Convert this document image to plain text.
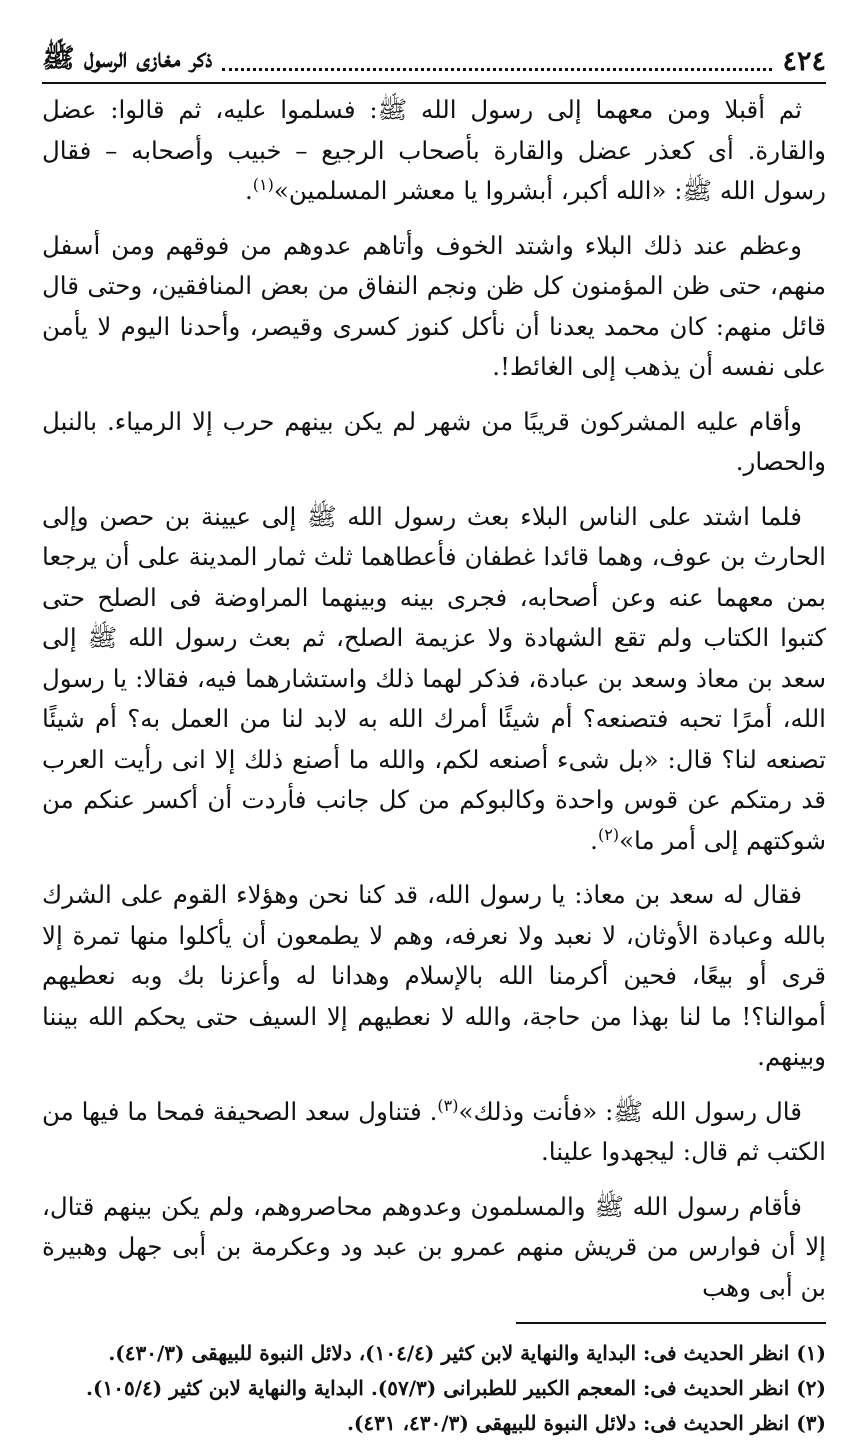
٤٢٤
ذكر مغازى الرسول ﷺ

ثم أقبلا ومن معهما إلى رسول الله ﷺ: فسلموا عليه، ثم قالوا: عضل والقارة. أى كعذر عضل والقارة بأصحاب الرجيع – خبيب وأصحابه – فقال رسول الله ﷺ: «الله أكبر، أبشروا يا معشر المسلمين»$^{(١)}$.

وعظم عند ذلك البلاء واشتد الخوف وأتاهم عدوهم من فوقهم ومن أسفل منهم، حتى ظن المؤمنون كل ظن ونجم النفاق من بعض المنافقين، وحتى قال قائل منهم: كان محمد يعدنا أن نأكل كنوز كسرى وقيصر، وأحدنا اليوم لا يأمن على نفسه أن يذهب إلى الغائط!.

وأقام عليه المشركون قريبًا من شهر لم يكن بينهم حرب إلا الرمياء. بالنبل والحصار.

فلما اشتد على الناس البلاء بعث رسول الله ﷺ إلى عيينة بن حصن وإلى الحارث بن عوف، وهما قائدا غطفان فأعطاهما ثلث ثمار المدينة على أن يرجعا بمن معهما عنه وعن أصحابه، فجرى بينه وبينهما المراوضة فى الصلح حتى كتبوا الكتاب ولم تقع الشهادة ولا عزيمة الصلح، ثم بعث رسول الله ﷺ إلى سعد بن معاذ وسعد بن عبادة، فذكر لهما ذلك واستشارهما فيه، فقالا: يا رسول الله، أمرًا تحبه فتصنعه؟ أم شيئًا أمرك الله به لابد لنا من العمل به؟ أم شيئًا تصنعه لنا؟ قال: «بل شىء أصنعه لكم، والله ما أصنع ذلك إلا انى رأيت العرب قد رمتكم عن قوس واحدة وكالبوكم من كل جانب فأردت أن أكسر عنكم من شوكتهم إلى أمر ما»$^{(٢)}$.

فقال له سعد بن معاذ: يا رسول الله، قد كنا نحن وهؤلاء القوم على الشرك بالله وعبادة الأوثان، لا نعبد ولا نعرفه، وهم لا يطمعون أن يأكلوا منها تمرة إلا قرى أو بيعًا، فحين أكرمنا الله بالإسلام وهدانا له وأعزنا بك وبه نعطيهم أموالنا؟! ما لنا بهذا من حاجة، والله لا نعطيهم إلا السيف حتى يحكم الله بيننا وبينهم.

قال رسول الله ﷺ: «فأنت وذلك»$^{(٣)}$. فتناول سعد الصحيفة فمحا ما فيها من الكتب ثم قال: ليجهدوا علينا.

فأقام رسول الله ﷺ والمسلمون وعدوهم محاصروهم، ولم يكن بينهم قتال، إلا أن فوارس من قريش منهم عمرو بن عبد ود وعكرمة بن أبى جهل وهبيرة بن أبى وهب

(١) انظر الحديث فى: البداية والنهاية لابن كثير (١٠٤/٤)، دلائل النبوة للبيهقى (٤٣٠/٣).

(٢) انظر الحديث فى: المعجم الكبير للطبرانى (٥٧/٣). البداية والنهاية لابن كثير (١٠٥/٤).

(٣) انظر الحديث فى: دلائل النبوة للبيهقى (٤٣٠/٣، ٤٣١).
